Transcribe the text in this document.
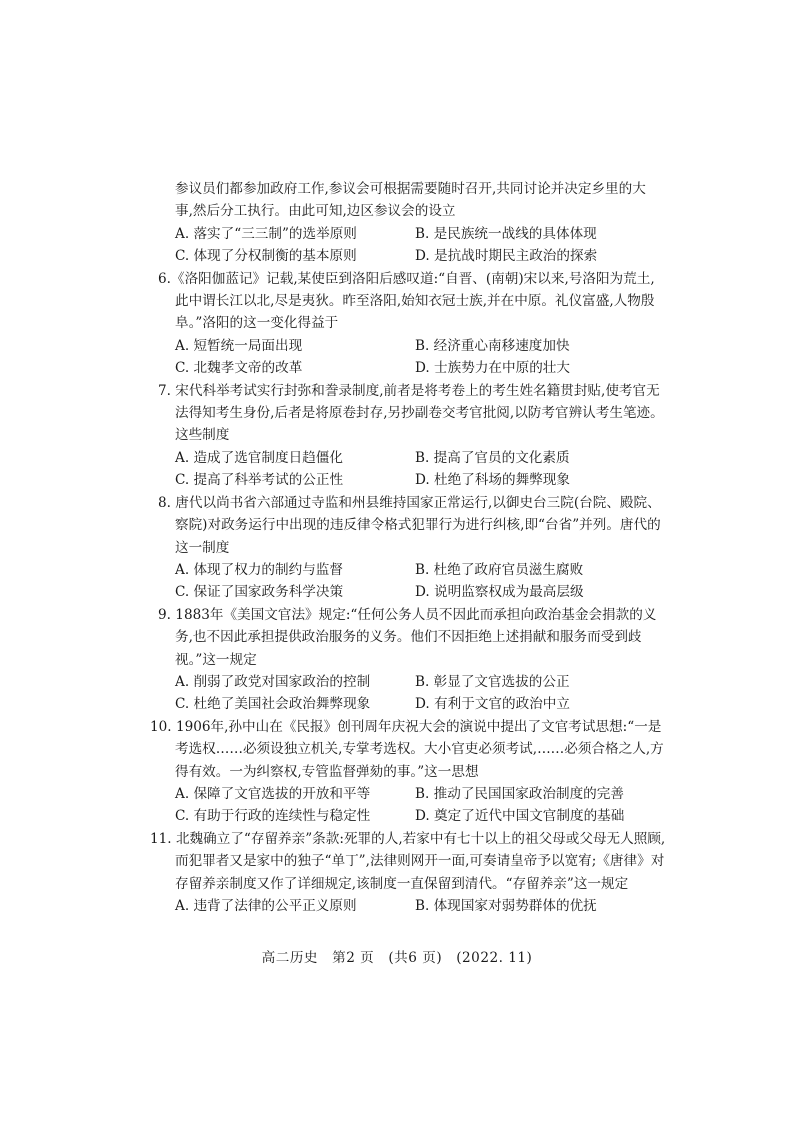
参议员们都参加政府工作,参议会可根据需要随时召开,共同讨论并决定乡里的大
事,然后分工执行。由此可知,边区参议会的设立
A. 落实了“三三制”的选举原则	B. 是民族统一战线的具体体现
C. 体现了分权制衡的基本原则	D. 是抗战时期民主政治的探索
6.《洛阳伽蓝记》记载,某使臣到洛阳后感叹道:“自晋、(南朝)宋以来,号洛阳为荒土,此中谓长江以北,尽是夷狄。昨至洛阳,始知衣冠士族,并在中原。礼仪富盛,人物殷阜。”洛阳的这一变化得益于
A. 短暂统一局面出现	B. 经济重心南移速度加快
C. 北魏孝文帝的改革	D. 士族势力在中原的壮大
7. 宋代科举考试实行封弥和誊录制度,前者是将考卷上的考生姓名籍贯封贴,使考官无法得知考生身份,后者是将原卷封存,另抄副卷交考官批阅,以防考官辨认考生笔迹。这些制度
A. 造成了选官制度日趋僵化	B. 提高了官员的文化素质
C. 提高了科举考试的公正性	D. 杜绝了科场的舞弊现象
8. 唐代以尚书省六部通过寺监和州县维持国家正常运行,以御史台三院(台院、殿院、察院)对政务运行中出现的违反律令格式犯罪行为进行纠核,即“台省”并列。唐代的这一制度
A. 体现了权力的制约与监督	B. 杜绝了政府官员滋生腐败
C. 保证了国家政务科学决策	D. 说明监察权成为最高层级
9. 1883年《美国文官法》规定:“任何公务人员不因此而承担向政治基金会捐款的义务,也不因此承担提供政治服务的义务。他们不因拒绝上述捐献和服务而受到歧视。”这一规定
A. 削弱了政党对国家政治的控制	B. 彰显了文官选拔的公正
C. 杜绝了美国社会政治舞弊现象	D. 有利于文官的政治中立
10. 1906年,孙中山在《民报》创刊周年庆祝大会的演说中提出了文官考试思想:“一是考选权……必须设独立机关,专掌考选权。大小官吏必须考试,……必须合格之人,方得有效。一为纠察权,专管监督弹劾的事。”这一思想
A. 保障了文官选拔的开放和平等	B. 推动了民国国家政治制度的完善
C. 有助于行政的连续性与稳定性	D. 奠定了近代中国文官制度的基础
11. 北魏确立了“存留养亲”条款:死罪的人,若家中有七十以上的祖父母或父母无人照顾,而犯罪者又是家中的独子“单丁”,法律则网开一面,可奏请皇帝予以宽宥;《唐律》对存留养亲制度又作了详细规定,该制度一直保留到清代。“存留养亲”这一规定
A. 违背了法律的公平正义原则	B. 体现国家对弱势群体的优抚
高二历史　第2 页　(共6 页)　(2022. 11)
